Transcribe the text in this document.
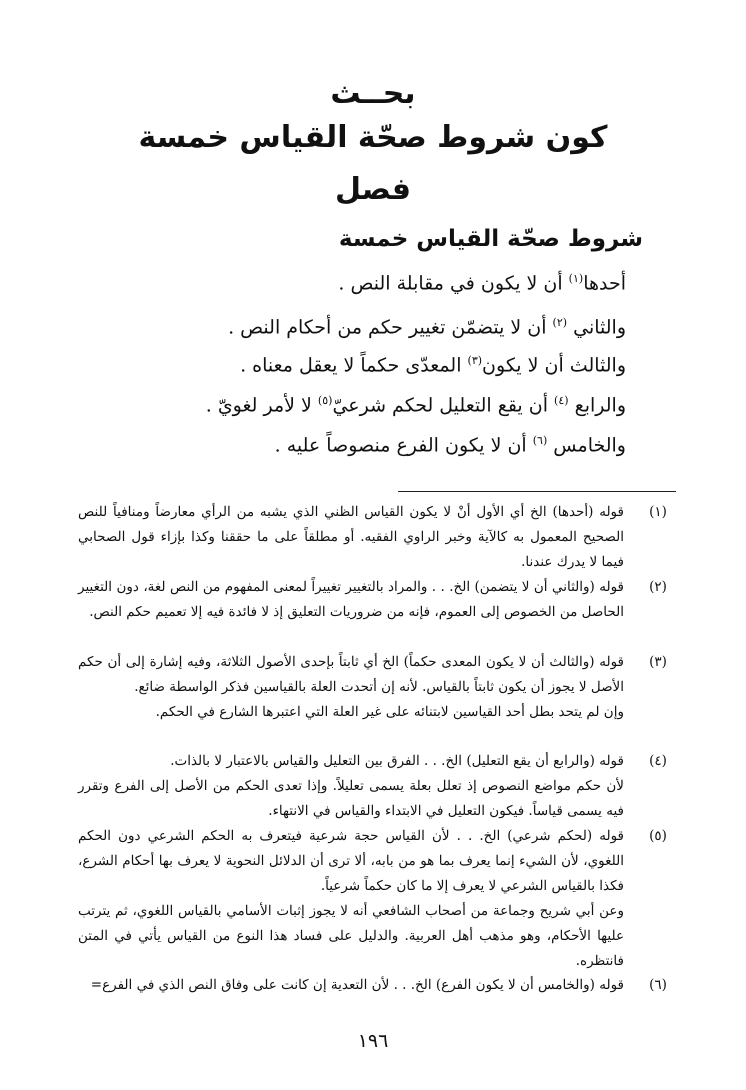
بحــث
كون شروط صحّة القياس خمسة
فصل
شروط صحّة القياس خمسة
أحدها$^{(١)}$ أن لا يكون في مقابلة النص .
والثاني $^{(٢)}$ أن لا يتضمّن تغيير حكم من أحكام النص .
والثالث أن لا يكون$^{(٣)}$ المعدّى حكماً لا يعقل معناه .
والرابع $^{(٤)}$ أن يقع التعليل لحكم شرعيّ$^{(٥)}$ لا لأمر لغويّ .
والخامس $^{(٦)}$ أن لا يكون الفرع منصوصاً عليه .
(١)

قوله (أحدها) الخ أي الأول أنْ لا يكون القياس الظني الذي يشبه من الرأي معارضاً ومنافياً للنص الصحيح المعمول به كالآية وخبر الراوي الفقيه. أو مطلقاً على ما حققنا وكذا بإزاء قول الصحابي فيما لا يدرك عندنا.

(٢)

قوله (والثاني أن لا يتضمن) الخ. . . والمراد بالتغيير تغييراً لمعنى المفهوم من النص لغة، دون التغيير الحاصل من الخصوص إلى العموم، فإنه من ضروريات التعليق إذ لا فائدة فيه إلا تعميم حكم النص.

(٣)

قوله (والثالث أن لا يكون المعدى حكماً) الخ أي ثابتاً بإحدى الأصول الثلاثة، وفيه إشارة إلى أن حكم الأصل لا يجوز أن يكون ثابتاً بالقياس. لأنه إن أتحدت العلة بالقياسين فذكر الواسطة ضائع.

وإن لم يتحد بطل أحد القياسين لابتنائه على غير العلة التي اعتبرها الشارع في الحكم.

(٤)

قوله (والرابع أن يقع التعليل) الخ. . . الفرق بين التعليل والقياس بالاعتبار لا بالذات.

لأن حكم مواضع النصوص إذ تعلل بعلة يسمى تعليلاً. وإذا تعدى الحكم من الأصل إلى الفرع وتقرر فيه يسمى قياساً. فيكون التعليل في الابتداء والقياس في الانتهاء.

(٥)

قوله (لحكم شرعي) الخ. . . لأن القياس حجة شرعية فيتعرف به الحكم الشرعي دون الحكم اللغوي، لأن الشيء إنما يعرف بما هو من بابه، ألا ترى أن الدلائل النحوية لا يعرف بها أحكام الشرع، فكذا بالقياس الشرعي لا يعرف إلا ما كان حكماً شرعياً.

وعن أبي شريح وجماعة من أصحاب الشافعي أنه لا يجوز إثبات الأسامي بالقياس اللغوي، ثم يترتب عليها الأحكام، وهو مذهب أهل العربية. والدليل على فساد هذا النوع من القياس يأتي في المتن فانتظره.

(٦)

قوله (والخامس أن لا يكون الفرع) الخ. . . لأن التعدية إن كانت على وفاق النص الذي في الفرع=

١٩٦
